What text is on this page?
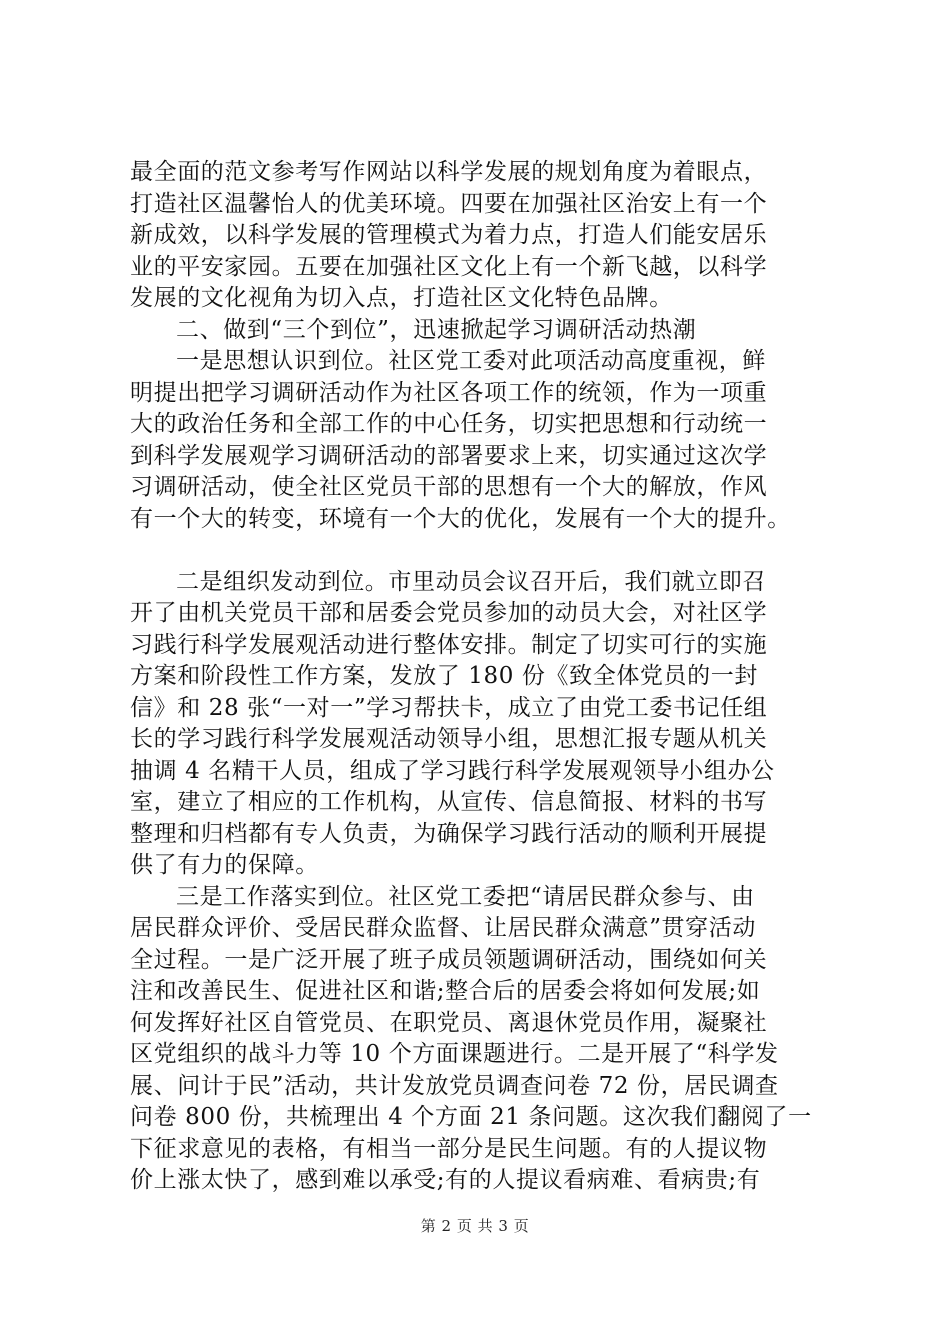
最全面的范文参考写作网站以科学发展的规划角度为着眼点，
打造社区温馨怡人的优美环境。四要在加强社区治安上有一个
新成效，以科学发展的管理模式为着力点，打造人们能安居乐
业的平安家园。五要在加强社区文化上有一个新飞越，以科学
发展的文化视角为切入点，打造社区文化特色品牌。
二、做到“三个到位”，迅速掀起学习调研活动热潮
一是思想认识到位。社区党工委对此项活动高度重视，鲜
明提出把学习调研活动作为社区各项工作的统领，作为一项重
大的政治任务和全部工作的中心任务，切实把思想和行动统一
到科学发展观学习调研活动的部署要求上来，切实通过这次学
习调研活动，使全社区党员干部的思想有一个大的解放，作风
有一个大的转变，环境有一个大的优化，发展有一个大的提升。
二是组织发动到位。市里动员会议召开后，我们就立即召
开了由机关党员干部和居委会党员参加的动员大会，对社区学
习践行科学发展观活动进行整体安排。制定了切实可行的实施
方案和阶段性工作方案，发放了 180 份《致全体党员的一封
信》和 28 张“一对一”学习帮扶卡，成立了由党工委书记任组
长的学习践行科学发展观活动领导小组，思想汇报专题从机关
抽调 4 名精干人员，组成了学习践行科学发展观领导小组办公
室，建立了相应的工作机构，从宣传、信息简报、材料的书写
整理和归档都有专人负责，为确保学习践行活动的顺利开展提
供了有力的保障。
三是工作落实到位。社区党工委把“请居民群众参与、由
居民群众评价、受居民群众监督、让居民群众满意”贯穿活动
全过程。一是广泛开展了班子成员领题调研活动，围绕如何关
注和改善民生、促进社区和谐;整合后的居委会将如何发展;如
何发挥好社区自管党员、在职党员、离退休党员作用，凝聚社
区党组织的战斗力等 10 个方面课题进行。二是开展了“科学发
展、问计于民”活动，共计发放党员调查问卷 72 份，居民调查
问卷 800 份，共梳理出 4 个方面 21 条问题。这次我们翻阅了一
下征求意见的表格，有相当一部分是民生问题。有的人提议物
价上涨太快了，感到难以承受;有的人提议看病难、看病贵;有
第 2 页 共 3 页
